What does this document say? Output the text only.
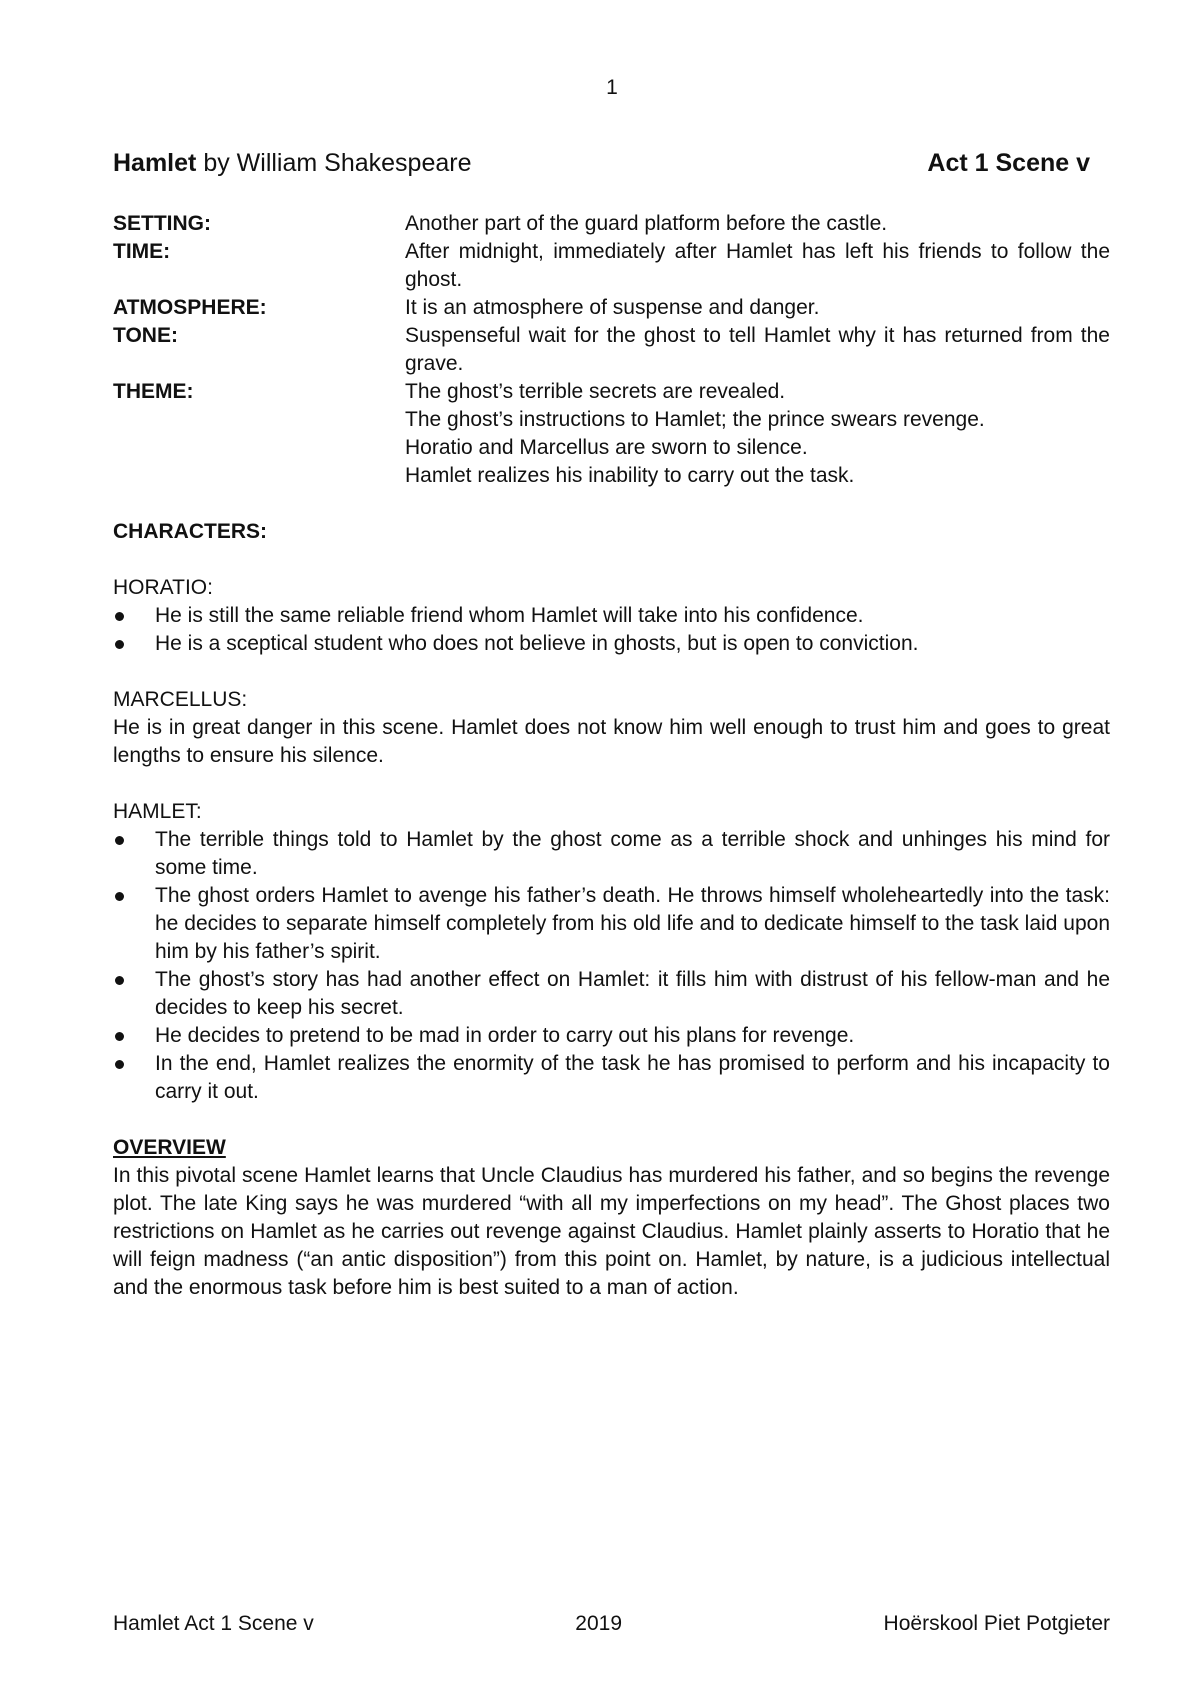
1
Hamlet by William Shakespeare	Act 1 Scene v
SETTING:	Another part of the guard platform before the castle.
TIME:	After midnight, immediately after Hamlet has left his friends to follow the ghost.
ATMOSPHERE:	It is an atmosphere of suspense and danger.
TONE:	Suspenseful wait for the ghost to tell Hamlet why it has returned from the grave.
THEME:	The ghost’s terrible secrets are revealed.
The ghost’s instructions to Hamlet; the prince swears revenge.
Horatio and Marcellus are sworn to silence.
Hamlet realizes his inability to carry out the task.
CHARACTERS:
HORATIO:
He is still the same reliable friend whom Hamlet will take into his confidence.
He is a sceptical student who does not believe in ghosts, but is open to conviction.
MARCELLUS:
He is in great danger in this scene. Hamlet does not know him well enough to trust him and goes to great lengths to ensure his silence.
HAMLET:
The terrible things told to Hamlet by the ghost come as a terrible shock and unhinges his mind for some time.
The ghost orders Hamlet to avenge his father’s death. He throws himself wholeheartedly into the task: he decides to separate himself completely from his old life and to dedicate himself to the task laid upon him by his father’s spirit.
The ghost’s story has had another effect on Hamlet: it fills him with distrust of his fellow-man and he decides to keep his secret.
He decides to pretend to be mad in order to carry out his plans for revenge.
In the end, Hamlet realizes the enormity of the task he has promised to perform and his incapacity to carry it out.
OVERVIEW
In this pivotal scene Hamlet learns that Uncle Claudius has murdered his father, and so begins the revenge plot. The late King says he was murdered “with all my imperfections on my head”. The Ghost places two restrictions on Hamlet as he carries out revenge against Claudius. Hamlet plainly asserts to Horatio that he will feign madness (“an antic disposition”) from this point on. Hamlet, by nature, is a judicious intellectual and the enormous task before him is best suited to a man of action.
Hamlet Act 1 Scene v	2019	Hoërskool Piet Potgieter
